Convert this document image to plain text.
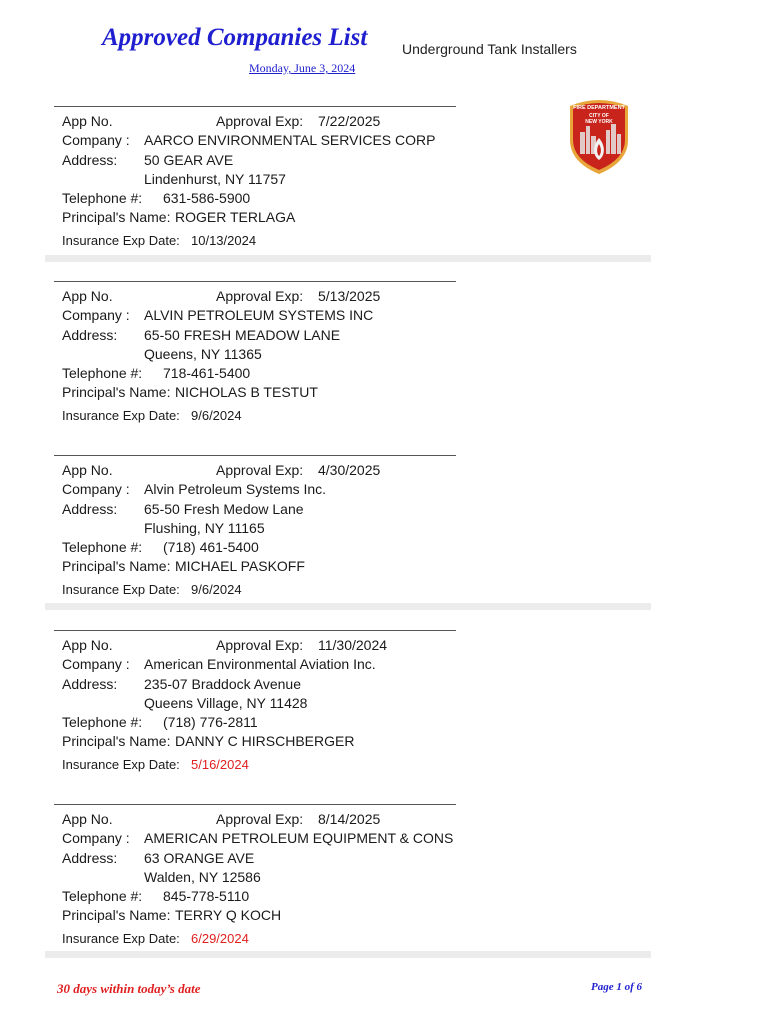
Approved Companies List Underground Tank Installers
Monday, June 3, 2024
FIRE DEPARTMENT
CITY OF
NEW YORK
App No.	Approval Exp: 7/22/2025
Company : AARCO ENVIRONMENTAL SERVICES CORP
Address: 50 GEAR AVE
Lindenhurst, NY 11757
Telephone #: 631-586-5900
Principal's Name: ROGER TERLAGA
Insurance Exp Date: 10/13/2024
App No.	Approval Exp: 5/13/2025
Company : ALVIN PETROLEUM SYSTEMS INC
Address: 65-50 FRESH MEADOW LANE
Queens, NY 11365
Telephone #: 718-461-5400
Principal's Name: NICHOLAS B TESTUT
Insurance Exp Date: 9/6/2024
App No.	Approval Exp: 4/30/2025
Company : Alvin Petroleum Systems Inc.
Address: 65-50 Fresh Medow Lane
Flushing, NY 11165
Telephone #: (718) 461-5400
Principal's Name: MICHAEL PASKOFF
Insurance Exp Date: 9/6/2024
App No.	Approval Exp: 11/30/2024
Company : American Environmental Aviation Inc.
Address: 235-07 Braddock Avenue
Queens Village, NY 11428
Telephone #: (718) 776-2811
Principal's Name: DANNY C HIRSCHBERGER
Insurance Exp Date: 5/16/2024
App No.	Approval Exp: 8/14/2025
Company : AMERICAN PETROLEUM EQUIPMENT & CONS
Address: 63 ORANGE AVE
Walden, NY 12586
Telephone #: 845-778-5110
Principal's Name: TERRY Q KOCH
Insurance Exp Date: 6/29/2024
30 days within today’s date	Page 1 of 6
